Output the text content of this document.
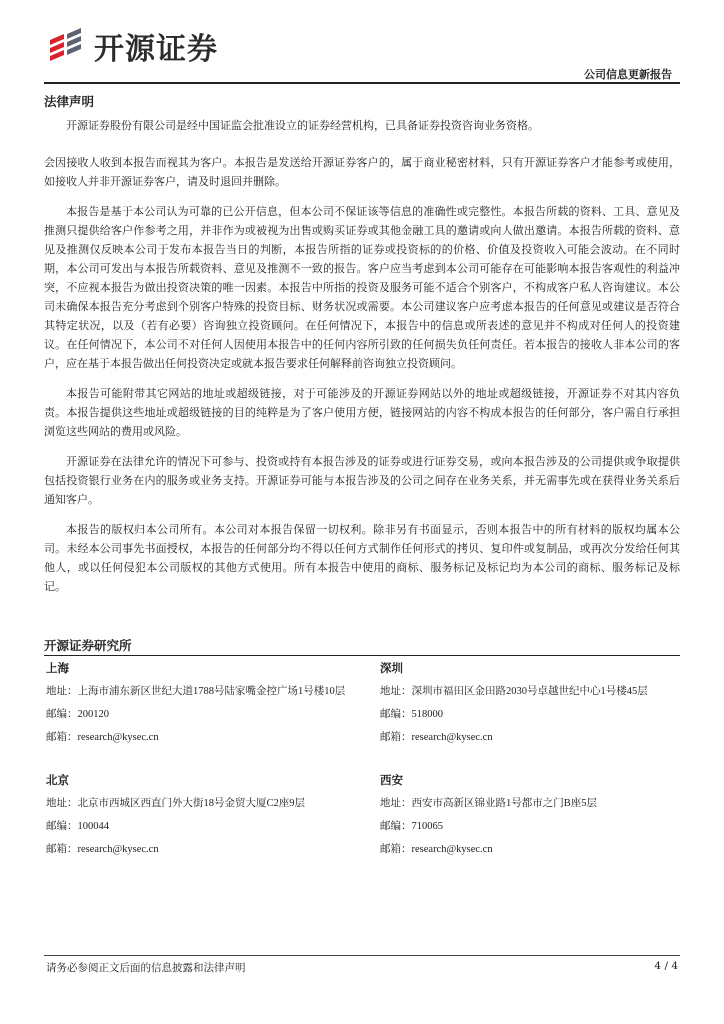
开源证券
公司信息更新报告
法律声明

开源证券股份有限公司是经中国证监会批准设立的证券经营机构，已具备证券投资咨询业务资格。

会因接收人收到本报告而视其为客户。本报告是发送给开源证券客户的，属于商业秘密材料，只有开源证券客户才能参考或使用，如接收人并非开源证券客户，请及时退回并删除。

本报告是基于本公司认为可靠的已公开信息，但本公司不保证该等信息的准确性或完整性。本报告所载的资料、工具、意见及推测只提供给客户作参考之用，并非作为或被视为出售或购买证券或其他金融工具的邀请或向人做出邀请。本报告所载的资料、意见及推测仅反映本公司于发布本报告当日的判断，本报告所指的证券或投资标的的价格、价值及投资收入可能会波动。在不同时期，本公司可发出与本报告所载资料、意见及推测不一致的报告。客户应当考虑到本公司可能存在可能影响本报告客观性的利益冲突，不应视本报告为做出投资决策的唯一因素。本报告中所指的投资及服务可能不适合个别客户，不构成客户私人咨询建议。本公司未确保本报告充分考虑到个别客户特殊的投资目标、财务状况或需要。本公司建议客户应考虑本报告的任何意见或建议是否符合其特定状况，以及（若有必要）咨询独立投资顾问。在任何情况下，本报告中的信息或所表述的意见并不构成对任何人的投资建议。在任何情况下，本公司不对任何人因使用本报告中的任何内容所引致的任何损失负任何责任。若本报告的接收人非本公司的客户，应在基于本报告做出任何投资决定或就本报告要求任何解释前咨询独立投资顾问。

本报告可能附带其它网站的地址或超级链接，对于可能涉及的开源证券网站以外的地址或超级链接，开源证券不对其内容负责。本报告提供这些地址或超级链接的目的纯粹是为了客户使用方便，链接网站的内容不构成本报告的任何部分，客户需自行承担浏览这些网站的费用或风险。

开源证券在法律允许的情况下可参与、投资或持有本报告涉及的证券或进行证券交易，或向本报告涉及的公司提供或争取提供包括投资银行业务在内的服务或业务支持。开源证券可能与本报告涉及的公司之间存在业务关系，并无需事先或在获得业务关系后通知客户。

本报告的版权归本公司所有。本公司对本报告保留一切权利。除非另有书面显示，否则本报告中的所有材料的版权均属本公司。未经本公司事先书面授权，本报告的任何部分均不得以任何方式制作任何形式的拷贝、复印件或复制品，或再次分发给任何其他人，或以任何侵犯本公司版权的其他方式使用。所有本报告中使用的商标、服务标记及标记均为本公司的商标、服务标记及标记。

开源证券研究所
上海
地址： 上海市浦东新区世纪大道1788号陆家嘴金控广场1号楼10层
邮编： 200120
邮箱： research@kysec.cn
深圳
地址： 深圳市福田区金田路2030号卓越世纪中心1号楼45层
邮编： 518000
邮箱： research@kysec.cn
北京
地址： 北京市西城区西直门外大街18号金贸大厦C2座9层
邮编： 100044
邮箱： research@kysec.cn
西安
地址： 西安市高新区锦业路1号都市之门B座5层
邮编： 710065
邮箱： research@kysec.cn
请务必参阅正文后面的信息披露和法律声明	4 / 4
